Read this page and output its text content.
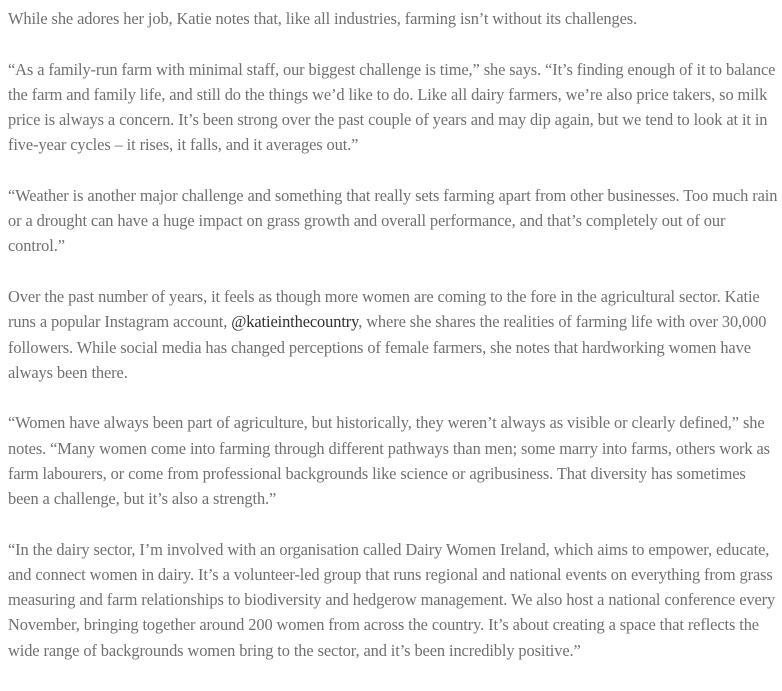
While she adores her job, Katie notes that, like all industries, farming isn’t without its challenges.

“As a family-run farm with minimal staff, our biggest challenge is time,” she says. “It’s finding enough of it to balance the farm and family life, and still do the things we’d like to do. Like all dairy farmers, we’re also price takers, so milk price is always a concern. It’s been strong over the past couple of years and may dip again, but we tend to look at it in five-year cycles – it rises, it falls, and it averages out.”

“Weather is another major challenge and something that really sets farming apart from other businesses. Too much rain or a drought can have a huge impact on grass growth and overall performance, and that’s completely out of our control.”

Over the past number of years, it feels as though more women are coming to the fore in the agricultural sector. Katie runs a popular Instagram account, @katieinthecountry, where she shares the realities of farming life with over 30,000 followers. While social media has changed perceptions of female farmers, she notes that hardworking women have always been there.

“Women have always been part of agriculture, but historically, they weren’t always as visible or clearly defined,” she notes. “Many women come into farming through different pathways than men; some marry into farms, others work as farm labourers, or come from professional backgrounds like science or agribusiness. That diversity has sometimes been a challenge, but it’s also a strength.”

“In the dairy sector, I’m involved with an organisation called Dairy Women Ireland, which aims to empower, educate, and connect women in dairy. It’s a volunteer-led group that runs regional and national events on everything from grass measuring and farm relationships to biodiversity and hedgerow management. We also host a national conference every November, bringing together around 200 women from across the country. It’s about creating a space that reflects the wide range of backgrounds women bring to the sector, and it’s been incredibly positive.”
